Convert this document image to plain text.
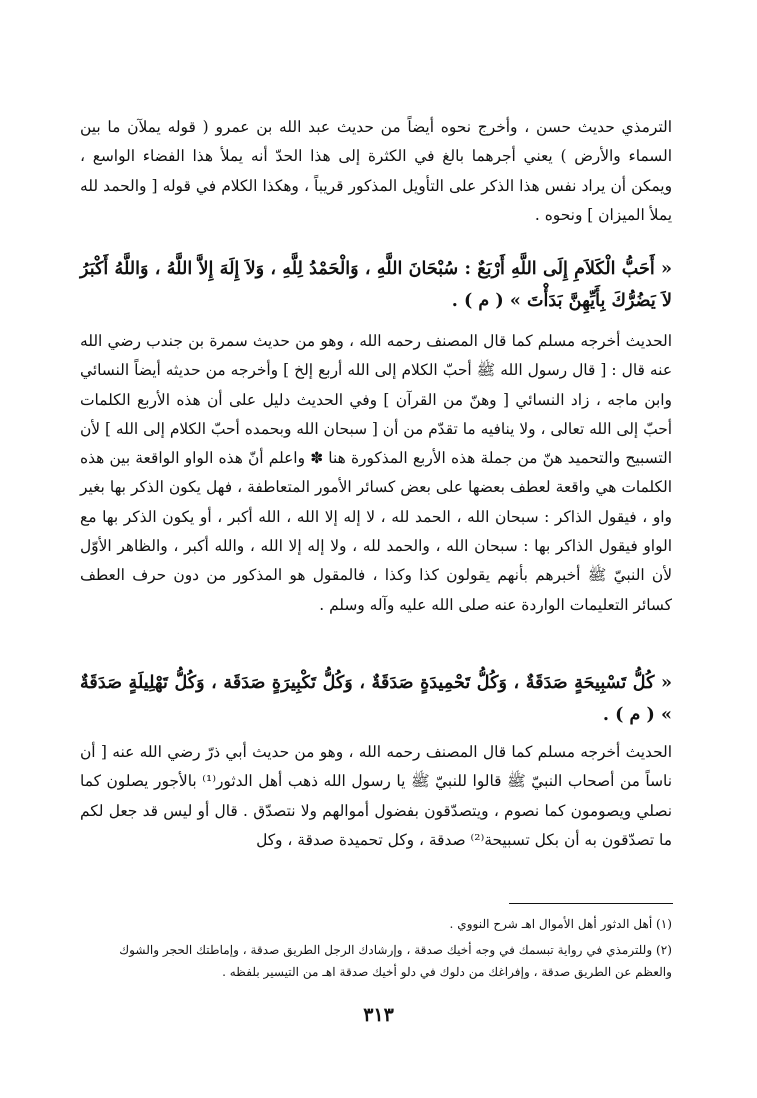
الترمذي حديث حسن ، وأخرج نحوه أيضاً من حديث عبد الله بن عمرو ( قوله يملآن ما بين السماء والأرض ) يعني أجرهما بالغ في الكثرة إلى هذا الحدّ أنه يملأ هذا الفضاء الواسع ، ويمكن أن يراد نفس هذا الذكر على التأويل المذكور قريباً ، وهكذا الكلام في قوله [ والحمد لله يملأ الميزان ] ونحوه .

« أَحَبُّ الْكَلاَمِ إِلَى اللَّهِ أَرْبَعٌ : سُبْحَانَ اللَّهِ ، وَالْحَمْدُ لِلَّهِ ، وَلاَ إِلَهَ إِلاَّ اللَّهُ ، وَاللَّهُ أَكْبَرُ لاَ يَضُرُّكَ بِأَيِّهِنَّ بَدَأْتَ » ( م ) .

الحديث أخرجه مسلم كما قال المصنف رحمه الله ، وهو من حديث سمرة بن جندب رضي الله عنه قال : [ قال رسول الله ﷺ أحبّ الكلام إلى الله أربع إلخ ] وأخرجه من حديثه أيضاً النسائي وابن ماجه ، زاد النسائي [ وهنّ من القرآن ] وفي الحديث دليل على أن هذه الأربع الكلمات أحبّ إلى الله تعالى ، ولا ينافيه ما تقدّم من أن [ سبحان الله وبحمده أحبّ الكلام إلى الله ] لأن التسبيح والتحميد هنّ من جملة هذه الأربع المذكورة هنا ✽ واعلم أنّ هذه الواو الواقعة بين هذه الكلمات هي واقعة لعطف بعضها على بعض كسائر الأمور المتعاطفة ، فهل يكون الذكر بها بغير واو ، فيقول الذاكر : سبحان الله ، الحمد لله ، لا إله إلا الله ، الله أكبر ، أو يكون الذكر بها مع الواو فيقول الذاكر بها : سبحان الله ، والحمد لله ، ولا إله إلا الله ، والله أكبر ، والظاهر الأوّل لأن النبيّ ﷺ أخبرهم بأنهم يقولون كذا وكذا ، فالمقول هو المذكور من دون حرف العطف كسائر التعليمات الواردة عنه صلى الله عليه وآله وسلم .

« كُلُّ تَسْبِيحَةٍ صَدَقَةٌ ، وَكُلُّ تَحْمِيدَةٍ صَدَقَةٌ ، وَكُلُّ تَكْبِيرَةٍ صَدَقَة ، وَكُلُّ تَهْلِيلَةٍ صَدَقَةٌ » ( م ) .

الحديث أخرجه مسلم كما قال المصنف رحمه الله ، وهو من حديث أبي ذرّ رضي الله عنه [ أن ناساً من أصحاب النبيّ ﷺ قالوا للنبيّ ﷺ يا رسول الله ذهب أهل الدثور⁽¹⁾ بالأجور يصلون كما نصلي ويصومون كما نصوم ، ويتصدّقون بفضول أموالهم ولا نتصدّق . قال أو ليس قد جعل لكم ما تصدّقون به أن بكل تسبيحة⁽²⁾ صدقة ، وكل تحميدة صدقة ، وكل

(١) أهل الدثور أهل الأموال اهـ شرح النووي .

(٢) وللترمذي في رواية تبسمك في وجه أخيك صدقة ، وإرشادك الرجل الطريق صدقة ، وإماطتك الحجر والشوك والعظم عن الطريق صدقة ، وإفراغك من دلوك في دلو أخيك صدقة اهـ من التيسير بلفظه .

٣١٣
